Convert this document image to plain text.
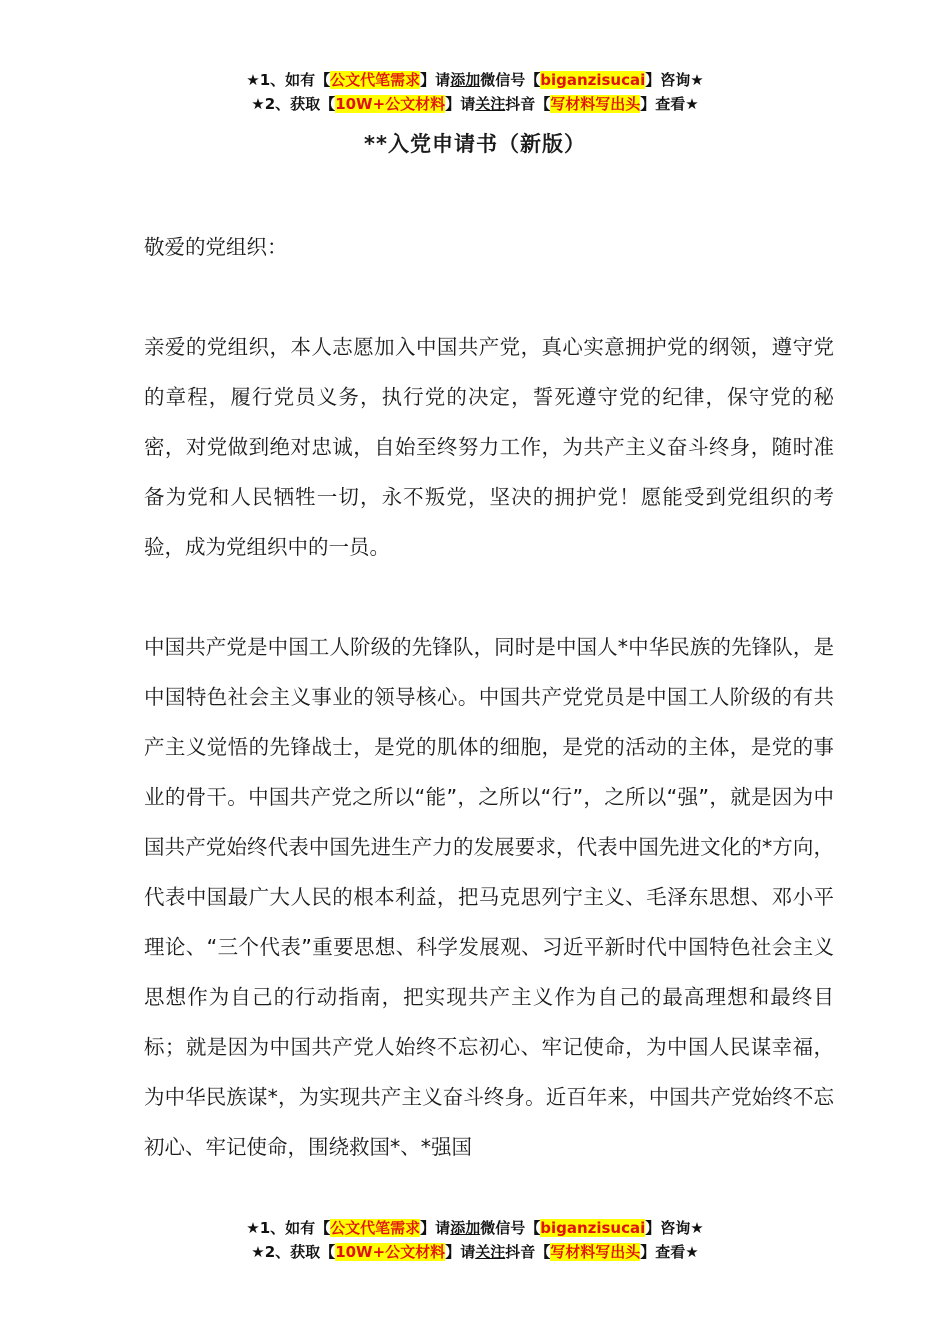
★1、如有【公文代笔需求】请添加微信号【biganzisucai】咨询★
★2、获取【10W+公文材料】请关注抖音【写材料写出头】查看★
**入党申请书（新版）

敬爱的党组织：

亲爱的党组织，本人志愿加入中国共产党，真心实意拥护党的纲领，遵守党的章程，履行党员义务，执行党的决定，誓死遵守党的纪律，保守党的秘密，对党做到绝对忠诚，自始至终努力工作，为共产主义奋斗终身，随时准备为党和人民牺牲一切，永不叛党，坚决的拥护党！愿能受到党组织的考验，成为党组织中的一员。

中国共产党是中国工人阶级的先锋队，同时是中国人*中华民族的先锋队，是中国特色社会主义事业的领导核心。中国共产党党员是中国工人阶级的有共产主义觉悟的先锋战士，是党的肌体的细胞，是党的活动的主体，是党的事业的骨干。中国共产党之所以“能”，之所以“行”，之所以“强”，就是因为中国共产党始终代表中国先进生产力的发展要求，代表中国先进文化的*方向，代表中国最广大人民的根本利益，把马克思列宁主义、毛泽东思想、邓小平理论、“三个代表”重要思想、科学发展观、习近平新时代中国特色社会主义思想作为自己的行动指南，把实现共产主义作为自己的最高理想和最终目标；就是因为中国共产党人始终不忘初心、牢记使命，为中国人民谋幸福，为中华民族谋*，为实现共产主义奋斗终身。近百年来，中国共产党始终不忘初心、牢记使命，围绕救国*、*强国

★1、如有【公文代笔需求】请添加微信号【biganzisucai】咨询★
★2、获取【10W+公文材料】请关注抖音【写材料写出头】查看★
